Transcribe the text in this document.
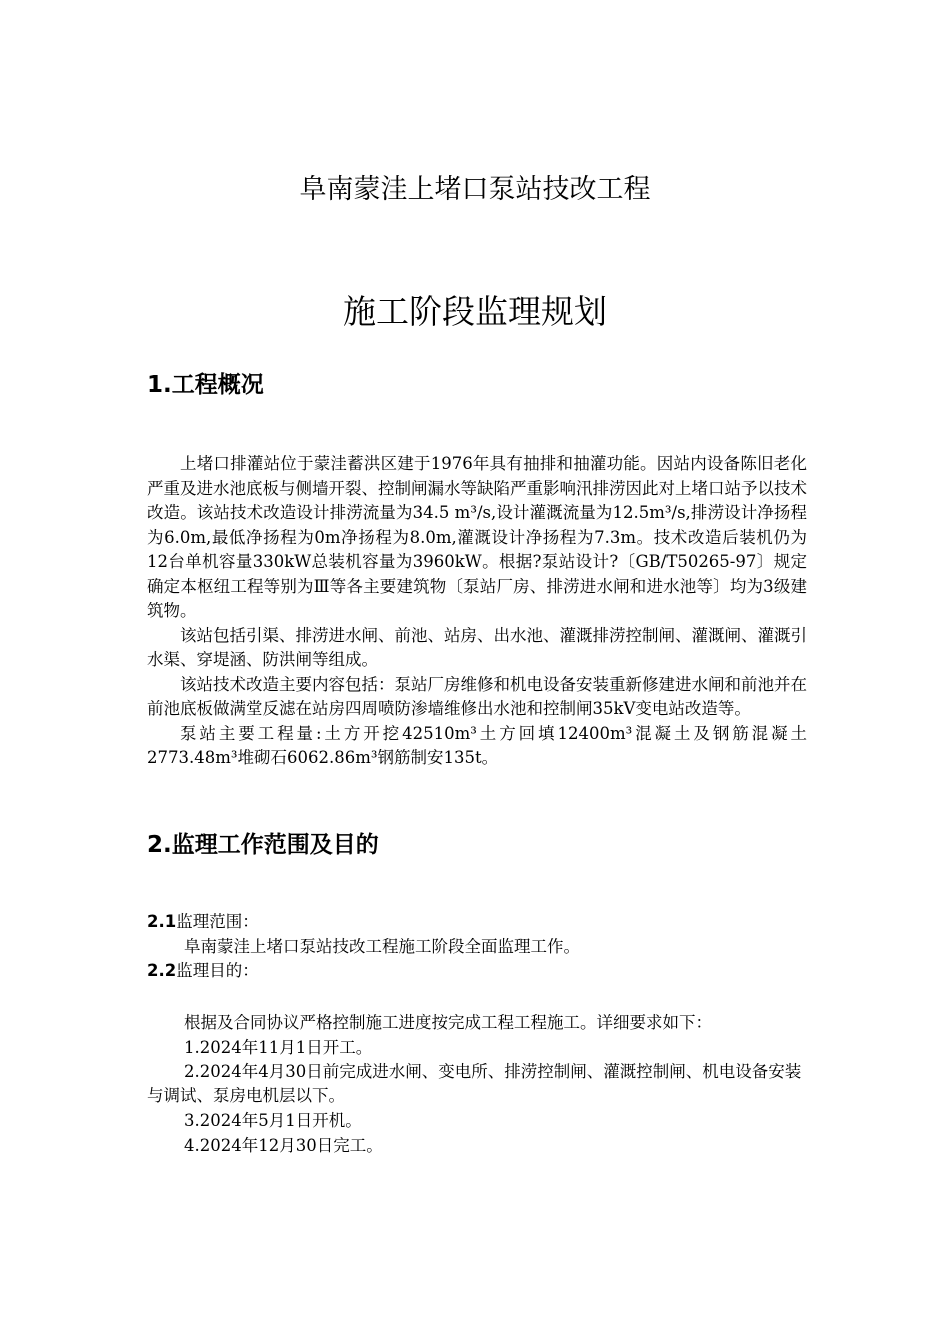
阜南蒙洼上堵口泵站技改工程
施工阶段监理规划
1.工程概况

上堵口排灌站位于蒙洼蓄洪区建于1976年具有抽排和抽灌功能。因站内设备陈旧老化严重及进水池底板与侧墙开裂、控制闸漏水等缺陷严重影响汛排涝因此对上堵口站予以技术改造。该站技术改造设计排涝流量为34.5 m³/s,设计灌溉流量为12.5m³/s,排涝设计净扬程为6.0m,最低净扬程为0m净扬程为8.0m,灌溉设计净扬程为7.3m。技术改造后装机仍为12台单机容量330kW总装机容量为3960kW。根据?泵站设计?〔GB/T50265-97〕规定确定本枢纽工程等别为Ⅲ等各主要建筑物〔泵站厂房、排涝进水闸和进水池等〕均为3级建筑物。

该站包括引渠、排涝进水闸、前池、站房、出水池、灌溉排涝控制闸、灌溉闸、灌溉引水渠、穿堤涵、防洪闸等组成。

该站技术改造主要内容包括：泵站厂房维修和机电设备安装重新修建进水闸和前池并在前池底板做满堂反滤在站房四周喷防渗墙维修出水池和控制闸35kV变电站改造等。

泵站主要工程量:土方开挖42510m³土方回填12400m³混凝土及钢筋混凝土2773.48m³堆砌石6062.86m³钢筋制安135t。

2.监理工作范围及目的
2.1监理范围：
阜南蒙洼上堵口泵站技改工程施工阶段全面监理工作。
2.2监理目的：
根据及合同协议严格控制施工进度按完成工程工程施工。详细要求如下：
1.2024年11月1日开工。
2.2024年4月30日前完成进水闸、变电所、排涝控制闸、灌溉控制闸、机电设备安装与调试、泵房电机层以下。
3.2024年5月1日开机。
4.2024年12月30日完工。
